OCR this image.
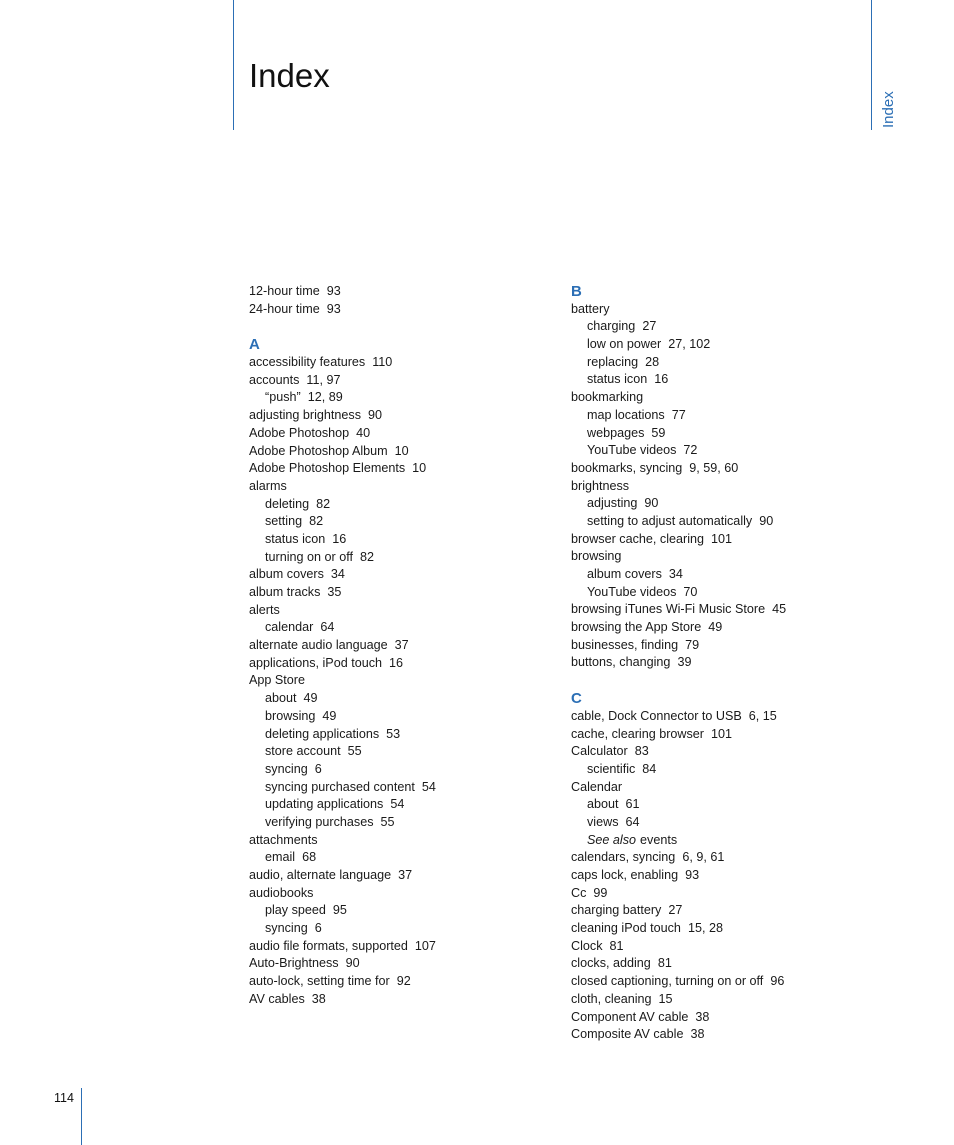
Index
Index
114
12-hour time 93
24-hour time 93
A
accessibility features 110
accounts 11, 97
“push” 12, 89
adjusting brightness 90
Adobe Photoshop 40
Adobe Photoshop Album 10
Adobe Photoshop Elements 10
alarms
deleting 82
setting 82
status icon 16
turning on or off 82
album covers 34
album tracks 35
alerts
calendar 64
alternate audio language 37
applications, iPod touch 16
App Store
about 49
browsing 49
deleting applications 53
store account 55
syncing 6
syncing purchased content 54
updating applications 54
verifying purchases 55
attachments
email 68
audio, alternate language 37
audiobooks
play speed 95
syncing 6
audio file formats, supported 107
Auto-Brightness 90
auto-lock, setting time for 92
AV cables 38
B
battery
charging 27
low on power 27, 102
replacing 28
status icon 16
bookmarking
map locations 77
webpages 59
YouTube videos 72
bookmarks, syncing 9, 59, 60
brightness
adjusting 90
setting to adjust automatically 90
browser cache, clearing 101
browsing
album covers 34
YouTube videos 70
browsing iTunes Wi-Fi Music Store 45
browsing the App Store 49
businesses, finding 79
buttons, changing 39
C
cable, Dock Connector to USB 6, 15
cache, clearing browser 101
Calculator 83
scientific 84
Calendar
about 61
views 64
See also events
calendars, syncing 6, 9, 61
caps lock, enabling 93
Cc 99
charging battery 27
cleaning iPod touch 15, 28
Clock 81
clocks, adding 81
closed captioning, turning on or off 96
cloth, cleaning 15
Component AV cable 38
Composite AV cable 38
